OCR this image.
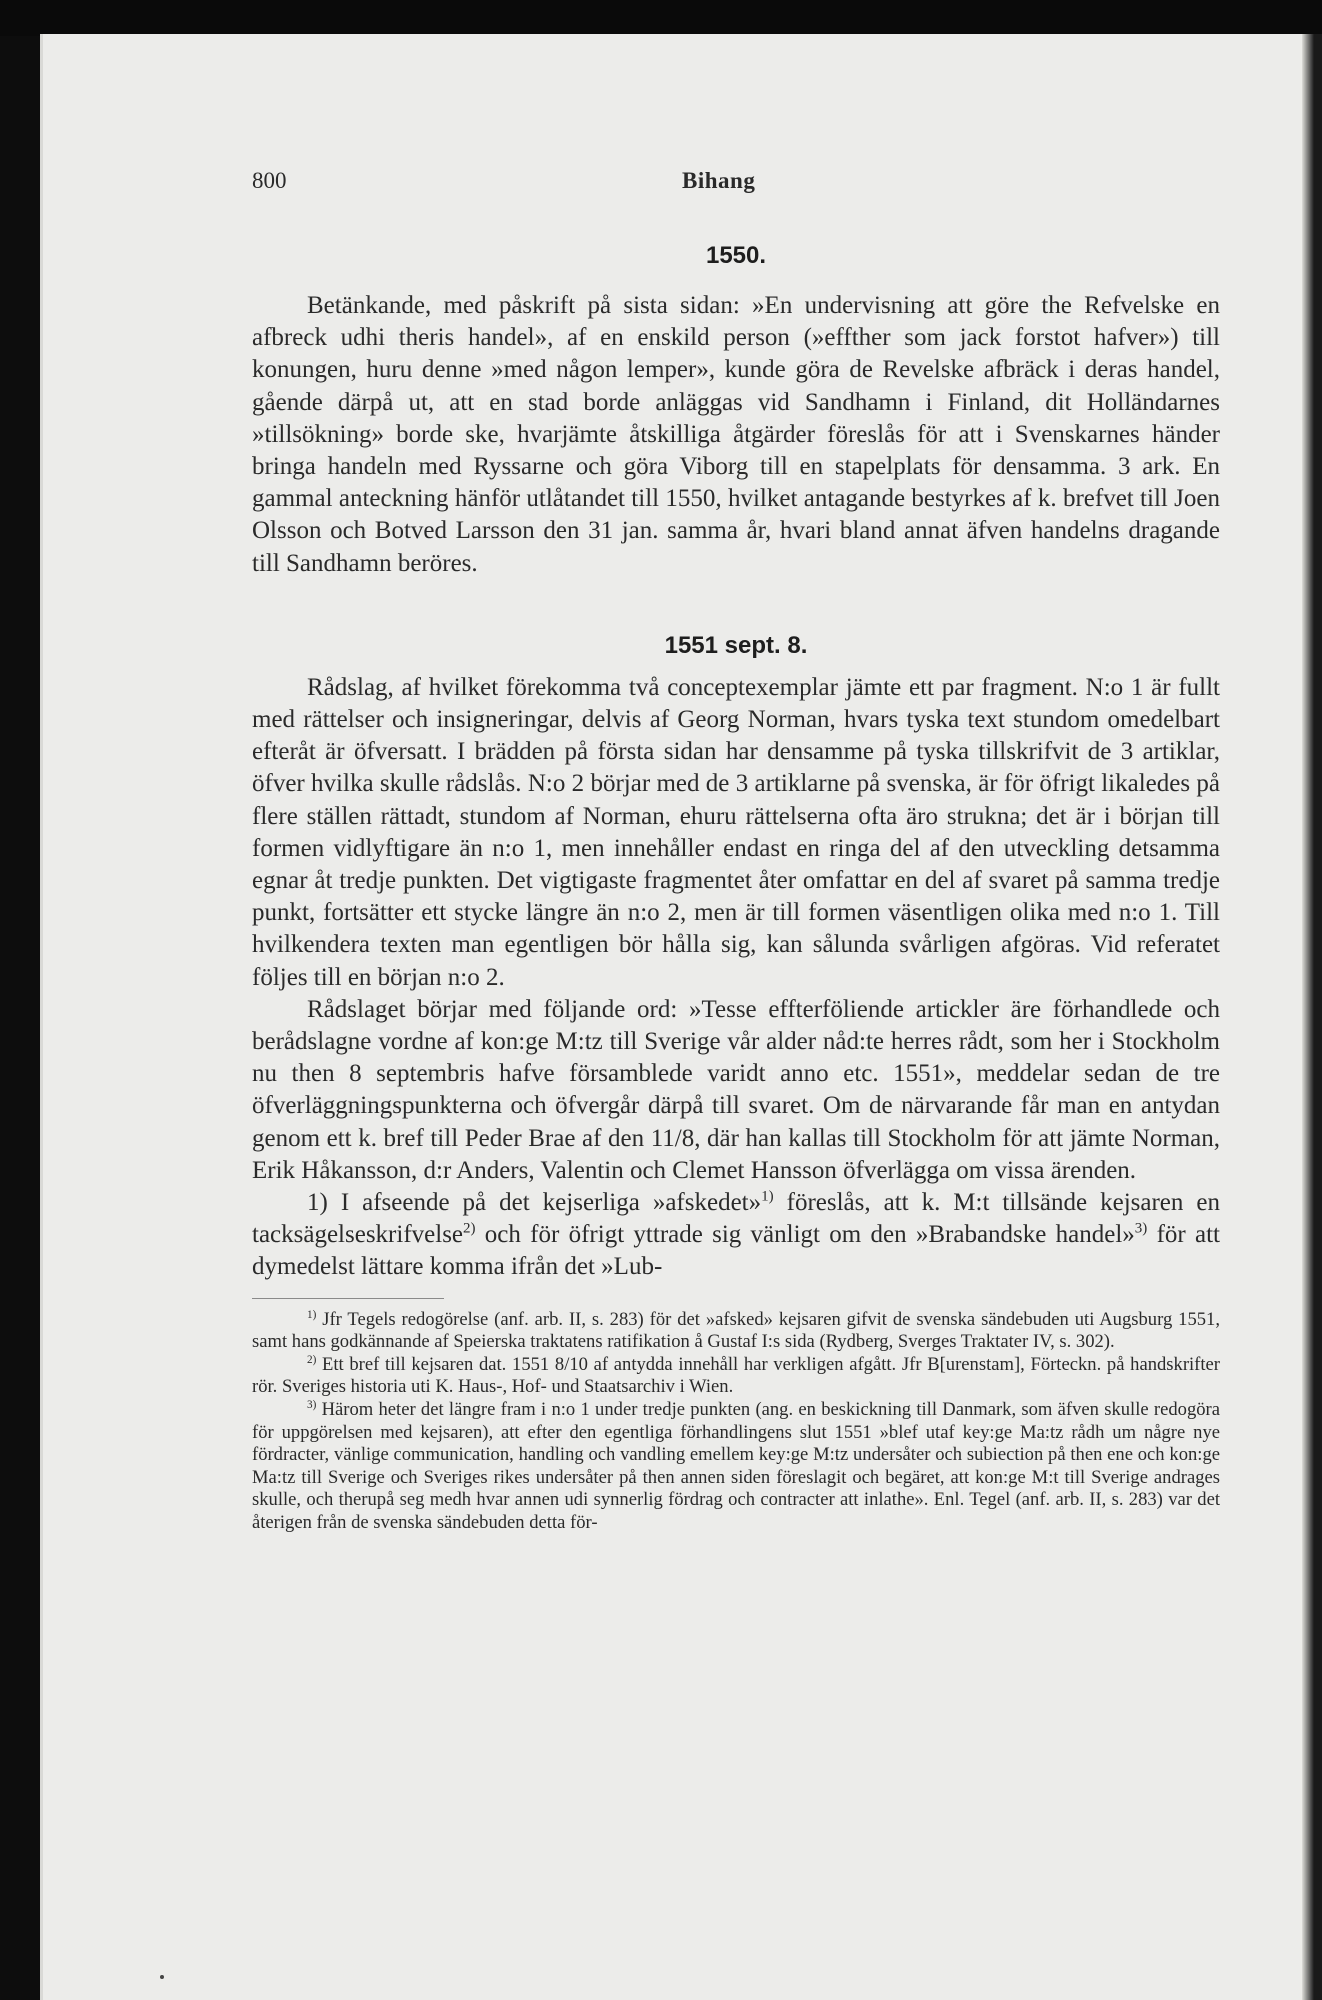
800	Bihang
1550.

Betänkande, med påskrift på sista sidan: »En undervisning att göre the Refvelske en afbreck udhi theris handel», af en enskild person (»effther som jack forstot hafver») till konungen, huru denne »med någon lemper», kunde göra de Revelske afbräck i deras handel, gående därpå ut, att en stad borde anläggas vid Sandhamn i Finland, dit Holländarnes »tillsökning» borde ske, hvarjämte åtskilliga åtgärder föreslås för att i Svenskarnes händer bringa handeln med Ryssarne och göra Viborg till en stapelplats för densamma. 3 ark. En gammal anteckning hänför utlåtandet till 1550, hvilket antagande bestyrkes af k. brefvet till Joen Olsson och Botved Larsson den 31 jan. samma år, hvari bland annat äfven handelns dragande till Sandhamn beröres.

1551 sept. 8.

Rådslag, af hvilket förekomma två conceptexemplar jämte ett par fragment. N:o 1 är fullt med rättelser och insigneringar, delvis af Georg Norman, hvars tyska text stundom omedelbart efteråt är öfversatt. I brädden på första sidan har densamme på tyska tillskrifvit de 3 artiklar, öfver hvilka skulle rådslås. N:o 2 börjar med de 3 artiklarne på svenska, är för öfrigt likaledes på flere ställen rättadt, stundom af Norman, ehuru rättelserna ofta äro strukna; det är i början till formen vidlyftigare än n:o 1, men innehåller endast en ringa del af den utveckling detsamma egnar åt tredje punkten. Det vigtigaste fragmentet åter omfattar en del af svaret på samma tredje punkt, fortsätter ett stycke längre än n:o 2, men är till formen väsentligen olika med n:o 1. Till hvilkendera texten man egentligen bör hålla sig, kan sålunda svårligen afgöras. Vid referatet följes till en början n:o 2.

Rådslaget börjar med följande ord: »Tesse effterföliende artickler äre förhandlede och berådslagne vordne af kon:ge M:tz till Sverige vår alder nåd:te herres rådt, som her i Stockholm nu then 8 septembris hafve församblede varidt anno etc. 1551», meddelar sedan de tre öfverläggningspunkterna och öfvergår därpå till svaret. Om de närvarande får man en antydan genom ett k. bref till Peder Brae af den 11/8, där han kallas till Stockholm för att jämte Norman, Erik Håkansson, d:r Anders, Valentin och Clemet Hansson öfverlägga om vissa ärenden.

1) I afseende på det kejserliga »afskedet»$^{1)}$ föreslås, att k. M:t tillsände kejsaren en tacksägelseskrifvelse$^{2)}$ och för öfrigt yttrade sig vänligt om den »Brabandske handel»$^{3)}$ för att dymedelst lättare komma ifrån det »Lub-

$^{1)}$ Jfr Tegels redogörelse (anf. arb. II, s. 283) för det »afsked» kejsaren gifvit de svenska sändebuden uti Augsburg 1551, samt hans godkännande af Speierska traktatens ratifikation å Gustaf I:s sida (Rydberg, Sverges Traktater IV, s. 302).

$^{2)}$ Ett bref till kejsaren dat. 1551 8/10 af antydda innehåll har verkligen afgått. Jfr B[urenstam], Förteckn. på handskrifter rör. Sveriges historia uti K. Haus-, Hof- und Staatsarchiv i Wien.

$^{3)}$ Härom heter det längre fram i n:o 1 under tredje punkten (ang. en beskickning till Danmark, som äfven skulle redogöra för uppgörelsen med kejsaren), att efter den egentliga förhandlingens slut 1551 »blef utaf key:ge Ma:tz rådh um någre nye fördracter, vänlige communication, handling och vandling emellem key:ge M:tz undersåter och subiection på then ene och kon:ge Ma:tz till Sverige och Sveriges rikes undersåter på then annen siden föreslagit och begäret, att kon:ge M:t till Sverige andrages skulle, och therupå seg medh hvar annen udi synnerlig fördrag och contracter att inlathe». Enl. Tegel (anf. arb. II, s. 283) var det återigen från de svenska sändebuden detta för-
